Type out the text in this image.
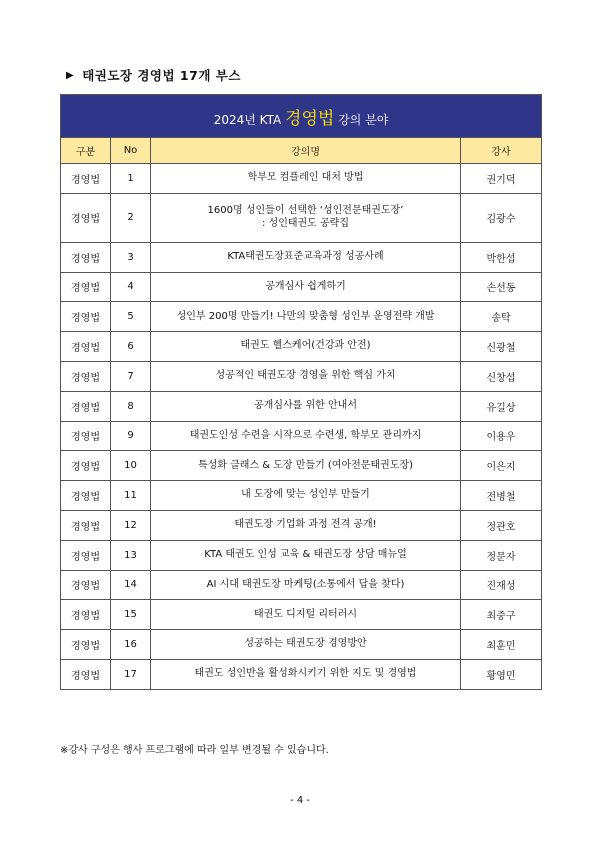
▶ 태권도장 경영법 17개 부스
2024년 KTA 경영법 강의 분야			
구분	No	강의명	강사
경영법	1	학부모 컴플레인 대처 방법	권기덕
경영법	2	1600명 성인들이 선택한 ‘성인전문태권도장’
: 성인태권도 공략집	김광수
경영법	3	KTA태권도장표준교육과정 성공사례	박한섭
경영법	4	공개심사 쉽게하기	손선동
경영법	5	성인부 200명 만들기! 나만의 맞춤형 성인부 운영전략 개발	송탁
경영법	6	태권도 헬스케어(건강과 안전)	신광철
경영법	7	성공적인 태권도장 경영을 위한 핵심 가치	신창섭
경영법	8	공개심사를 위한 안내서	유길상
경영법	9	태권도인성 수련을 시작으로 수련생, 학부모 관리까지	이용우
경영법	10	특성화 클래스 & 도장 만들기 (여아전문태권도장)	이은지
경영법	11	내 도장에 맞는 성인부 만들기	전병철
경영법	12	태권도장 기업화 과정 전격 공개!	정관호
경영법	13	KTA 태권도 인성 교육 & 태권도장 상담 매뉴얼	정문자
경영법	14	AI 시대 태권도장 마케팅(소통에서 답을 찾다)	진재성
경영법	15	태권도 디지털 리터러시	최중구
경영법	16	성공하는 태권도장 경영방안	최훈민
경영법	17	태권도 성인반을 활성화시키기 위한 지도 및 경영법	황영민
※강사 구성은 행사 프로그램에 따라 일부 변경될 수 있습니다.
- 4 -
